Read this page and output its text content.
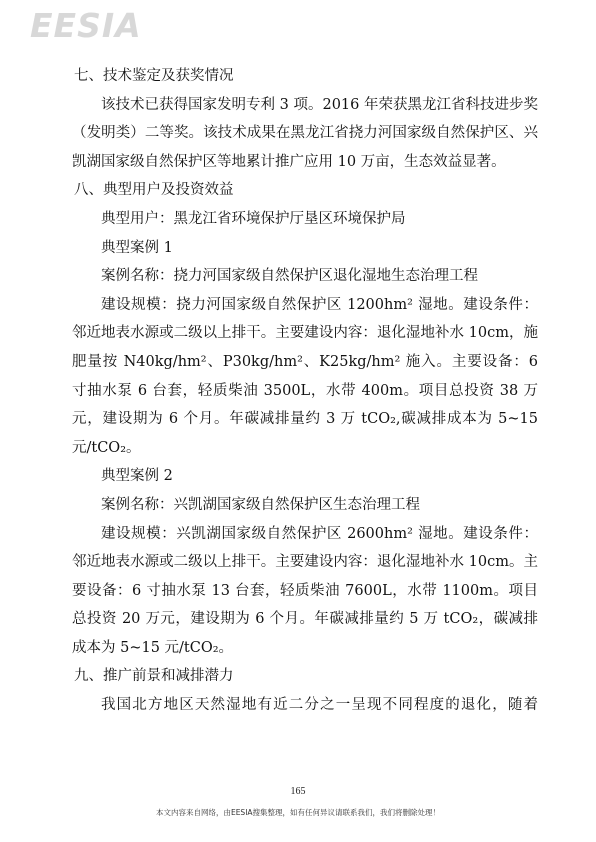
EESIA

七、技术鉴定及获奖情况

该技术已获得国家发明专利 3 项。2016 年荣获黑龙江省科技进步奖（发明类）二等奖。该技术成果在黑龙江省挠力河国家级自然保护区、兴凯湖国家级自然保护区等地累计推广应用 10 万亩，生态效益显著。

八、典型用户及投资效益

典型用户：黑龙江省环境保护厅垦区环境保护局

典型案例 1

案例名称：挠力河国家级自然保护区退化湿地生态治理工程

建设规模：挠力河国家级自然保护区 1200hm² 湿地。建设条件：邻近地表水源或二级以上排干。主要建设内容：退化湿地补水 10cm，施肥量按 N40kg/hm²、P30kg/hm²、K25kg/hm² 施入。主要设备：6 寸抽水泵 6 台套，轻质柴油 3500L，水带 400m。项目总投资 38 万元，建设期为 6 个月。年碳减排量约 3 万 tCO₂,碳减排成本为 5~15 元/tCO₂。

典型案例 2

案例名称：兴凯湖国家级自然保护区生态治理工程

建设规模：兴凯湖国家级自然保护区 2600hm² 湿地。建设条件：邻近地表水源或二级以上排干。主要建设内容：退化湿地补水 10cm。主要设备：6 寸抽水泵 13 台套，轻质柴油 7600L，水带 1100m。项目总投资 20 万元，建设期为 6 个月。年碳减排量约 5 万 tCO₂，碳减排成本为 5~15 元/tCO₂。

九、推广前景和减排潜力

我国北方地区天然湿地有近二分之一呈现不同程度的退化，随着

165
本文内容来自网络，由EESIA搜集整理，如有任何异议请联系我们，我们将删除处理！
